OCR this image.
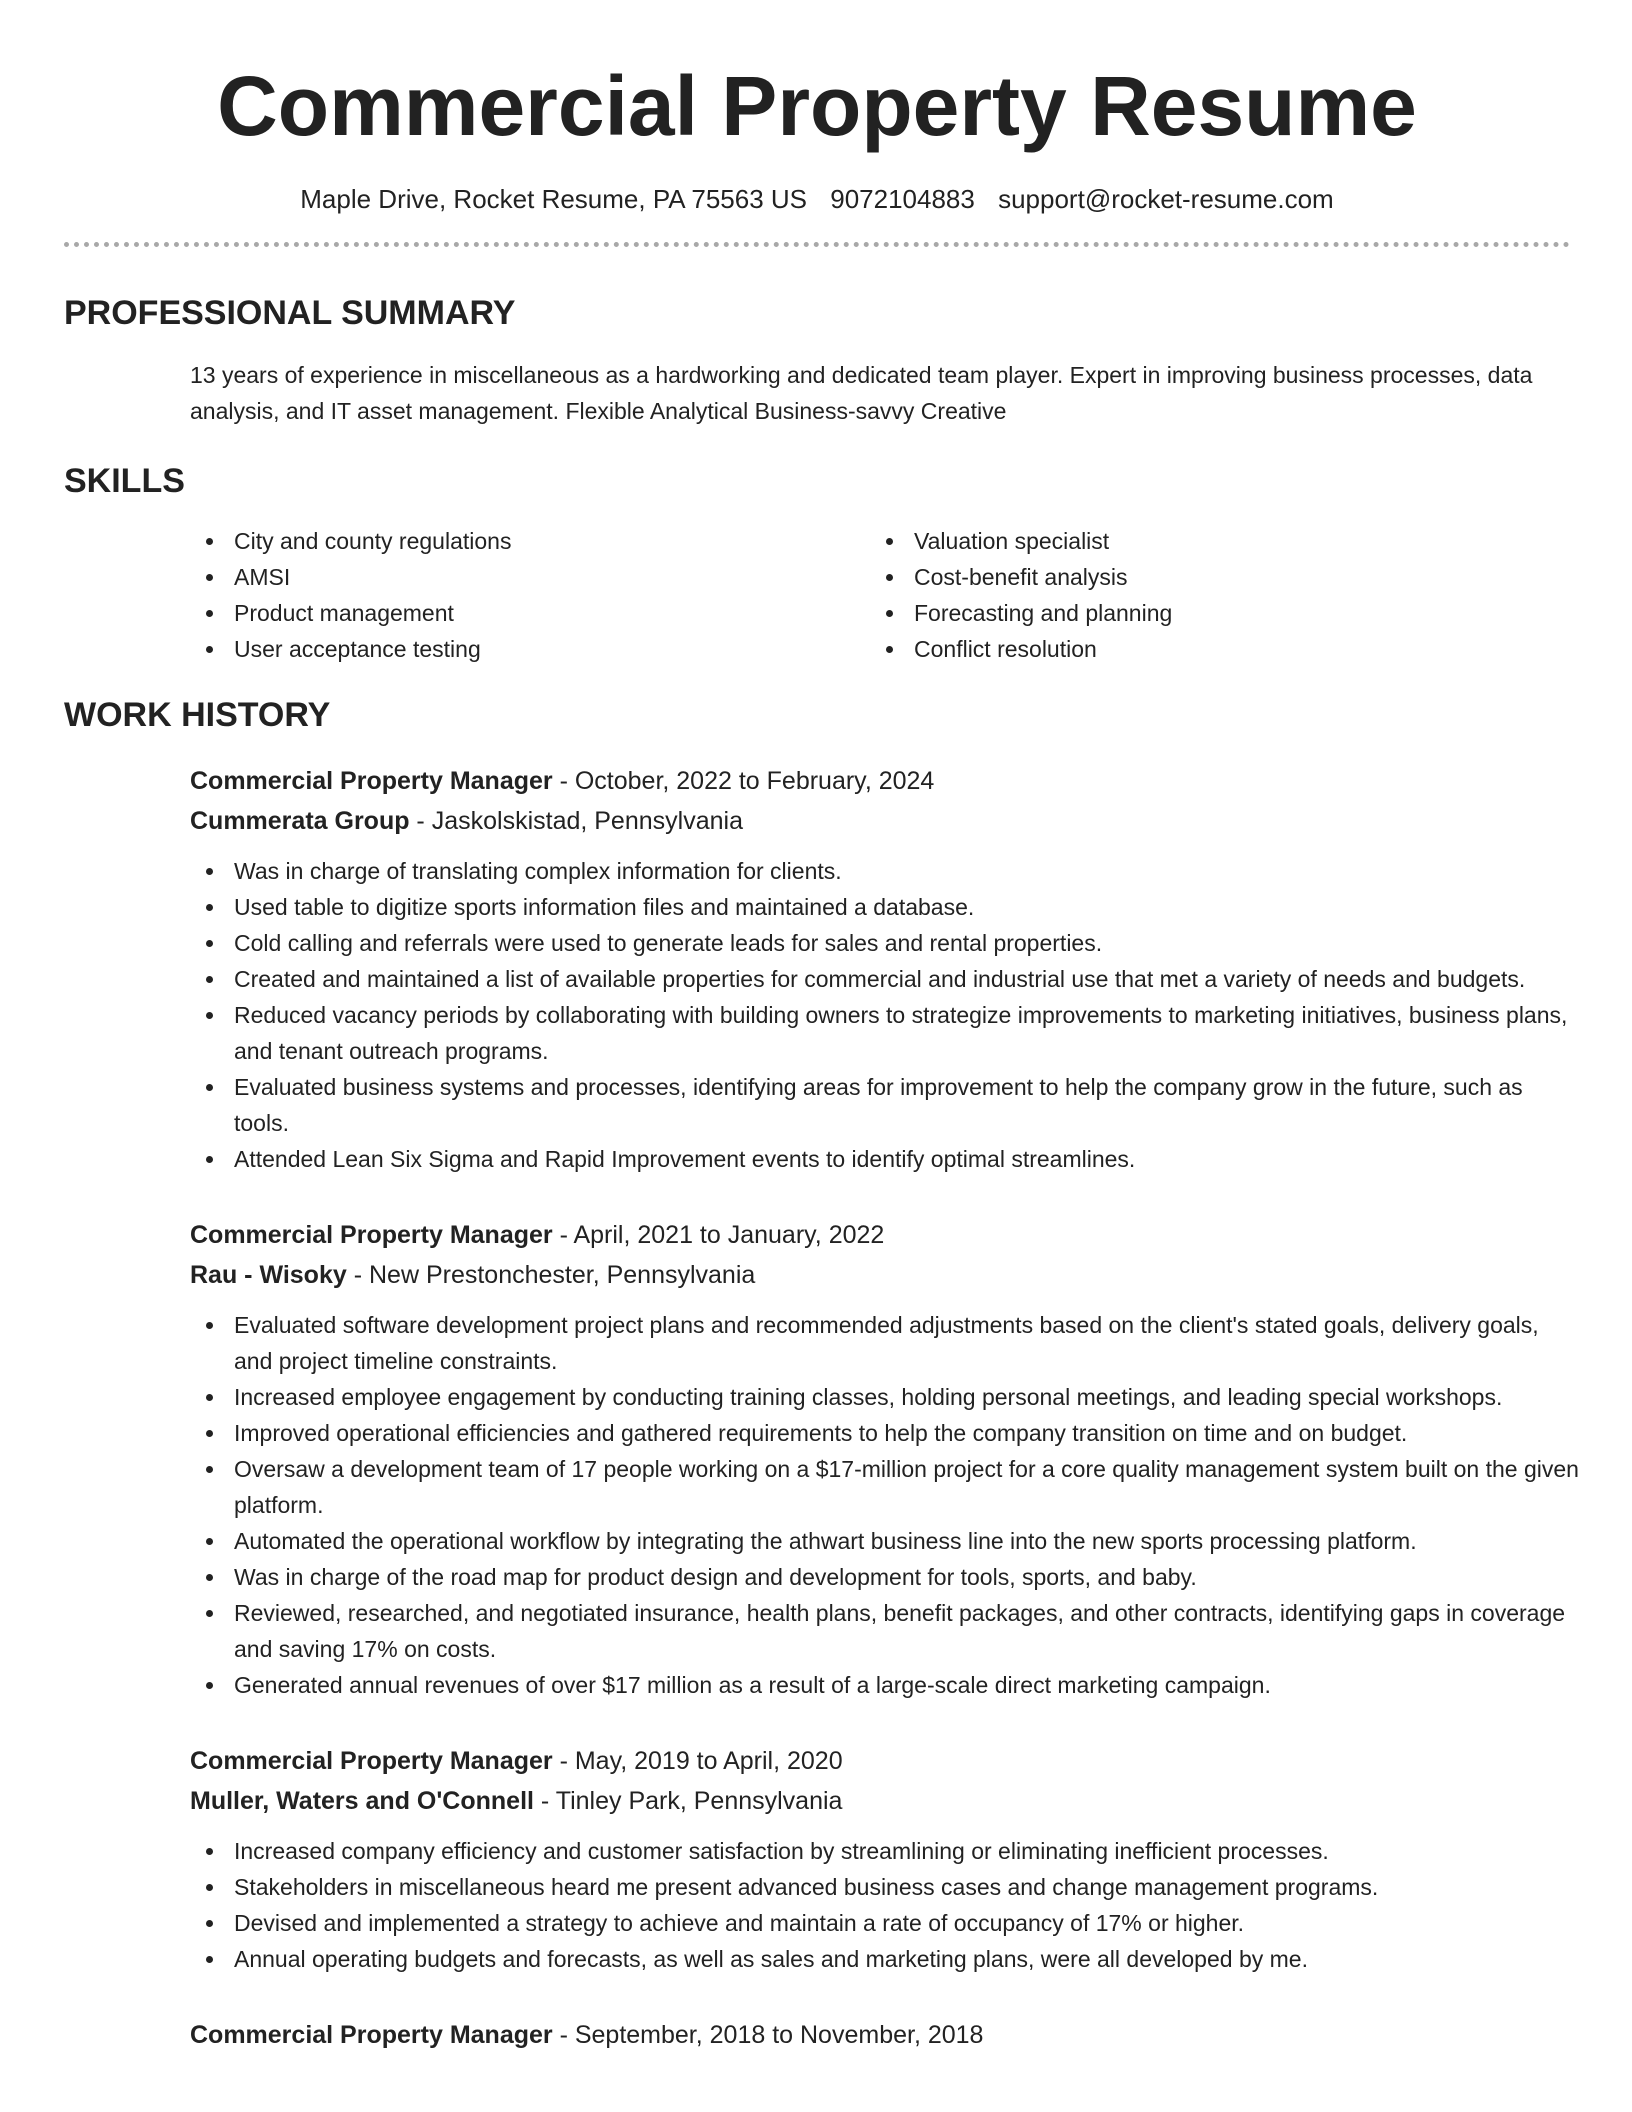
Commercial Property Resume
Maple Drive, Rocket Resume, PA 75563 US 9072104883 support@rocket-resume.com
PROFESSIONAL SUMMARY

13 years of experience in miscellaneous as a hardworking and dedicated team player. Expert in improving business processes, data analysis, and IT asset management. Flexible Analytical Business-savvy Creative

SKILLS
City and county regulations
AMSI
Product management
User acceptance testing
Valuation specialist
Cost-benefit analysis
Forecasting and planning
Conflict resolution
WORK HISTORY
Commercial Property Manager - October, 2022 to February, 2024
Cummerata Group - Jaskolskistad, Pennsylvania
Was in charge of translating complex information for clients.
Used table to digitize sports information files and maintained a database.
Cold calling and referrals were used to generate leads for sales and rental properties.
Created and maintained a list of available properties for commercial and industrial use that met a variety of needs and budgets.
Reduced vacancy periods by collaborating with building owners to strategize improvements to marketing initiatives, business plans, and tenant outreach programs.
Evaluated business systems and processes, identifying areas for improvement to help the company grow in the future, such as tools.
Attended Lean Six Sigma and Rapid Improvement events to identify optimal streamlines.
Commercial Property Manager - April, 2021 to January, 2022
Rau - Wisoky - New Prestonchester, Pennsylvania
Evaluated software development project plans and recommended adjustments based on the client's stated goals, delivery goals, and project timeline constraints.
Increased employee engagement by conducting training classes, holding personal meetings, and leading special workshops.
Improved operational efficiencies and gathered requirements to help the company transition on time and on budget.
Oversaw a development team of 17 people working on a $17-million project for a core quality management system built on the given platform.
Automated the operational workflow by integrating the athwart business line into the new sports processing platform.
Was in charge of the road map for product design and development for tools, sports, and baby.
Reviewed, researched, and negotiated insurance, health plans, benefit packages, and other contracts, identifying gaps in coverage and saving 17% on costs.
Generated annual revenues of over $17 million as a result of a large-scale direct marketing campaign.
Commercial Property Manager - May, 2019 to April, 2020
Muller, Waters and O'Connell - Tinley Park, Pennsylvania
Increased company efficiency and customer satisfaction by streamlining or eliminating inefficient processes.
Stakeholders in miscellaneous heard me present advanced business cases and change management programs.
Devised and implemented a strategy to achieve and maintain a rate of occupancy of 17% or higher.
Annual operating budgets and forecasts, as well as sales and marketing plans, were all developed by me.
Commercial Property Manager - September, 2018 to November, 2018
